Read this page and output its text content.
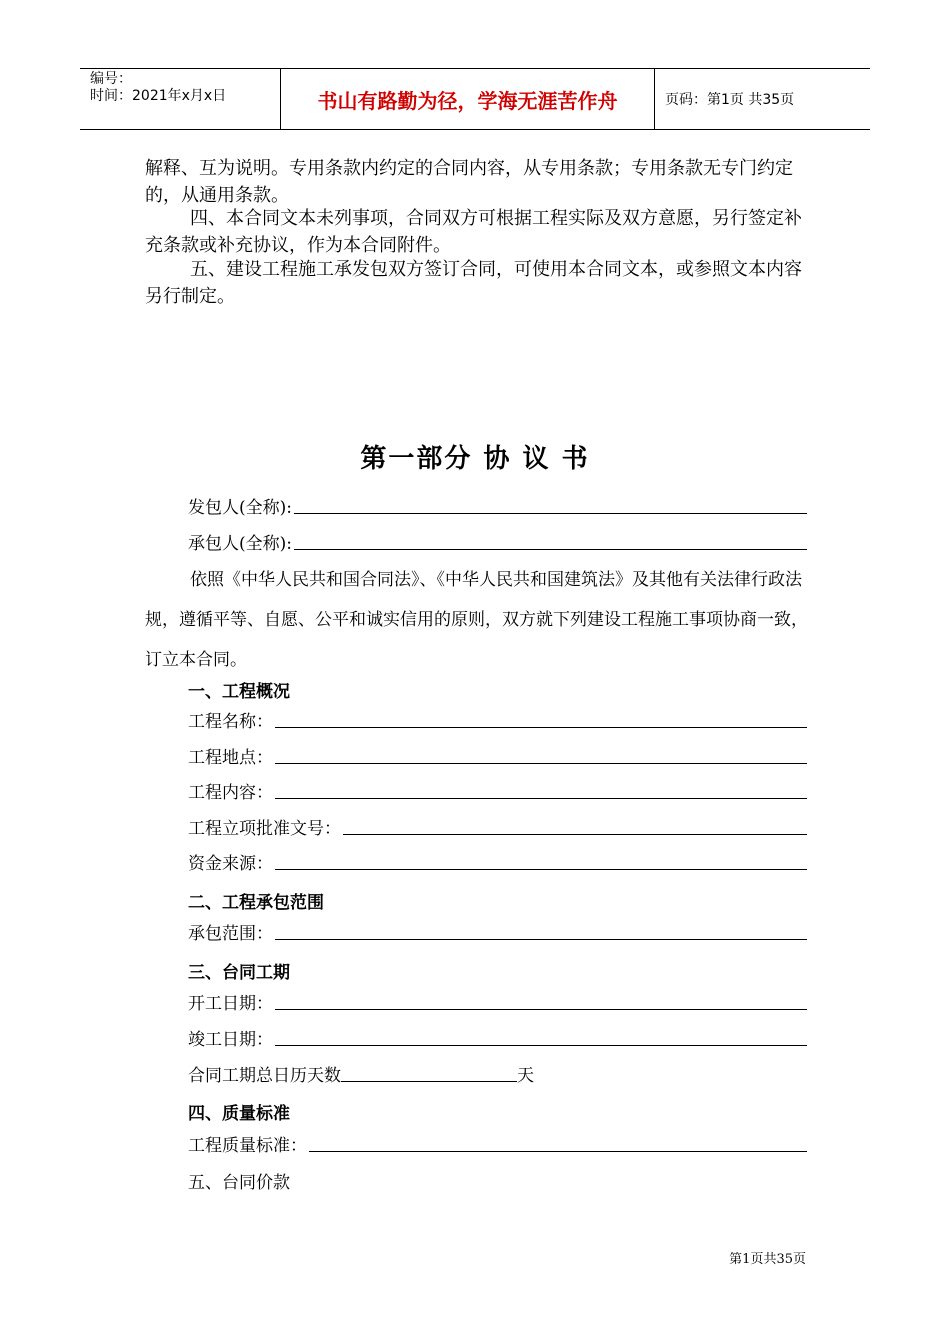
编号：
时间：2021年x月x日	书山有路勤为径，学海无涯苦作舟	页码：第1页 共35页
解释、互为说明。专用条款内约定的合同内容，从专用条款；专用条款无专门约定的，从通用条款。
四、本合同文本未列事项，合同双方可根据工程实际及双方意愿，另行签定补充条款或补充协议，作为本合同附件。
五、建设工程施工承发包双方签订合同，可使用本合同文本，或参照文本内容另行制定。
第一部分 协 议 书
发包人(全称):
承包人(全称):
依照《中华人民共和国合同法》、《中华人民共和国建筑法》及其他有关法律行政法规，遵循平等、自愿、公平和诚实信用的原则，双方就下列建设工程施工事项协商一致，订立本合同。
一、工程概况
工程名称：
工程地点：
工程内容：
工程立项批准文号：
资金来源：
二、工程承包范围
承包范围：
三、台同工期
开工日期：
竣工日期：
合同工期总日历天数	天
四、质量标准
工程质量标准：
五、台同价款
第1页共35页
